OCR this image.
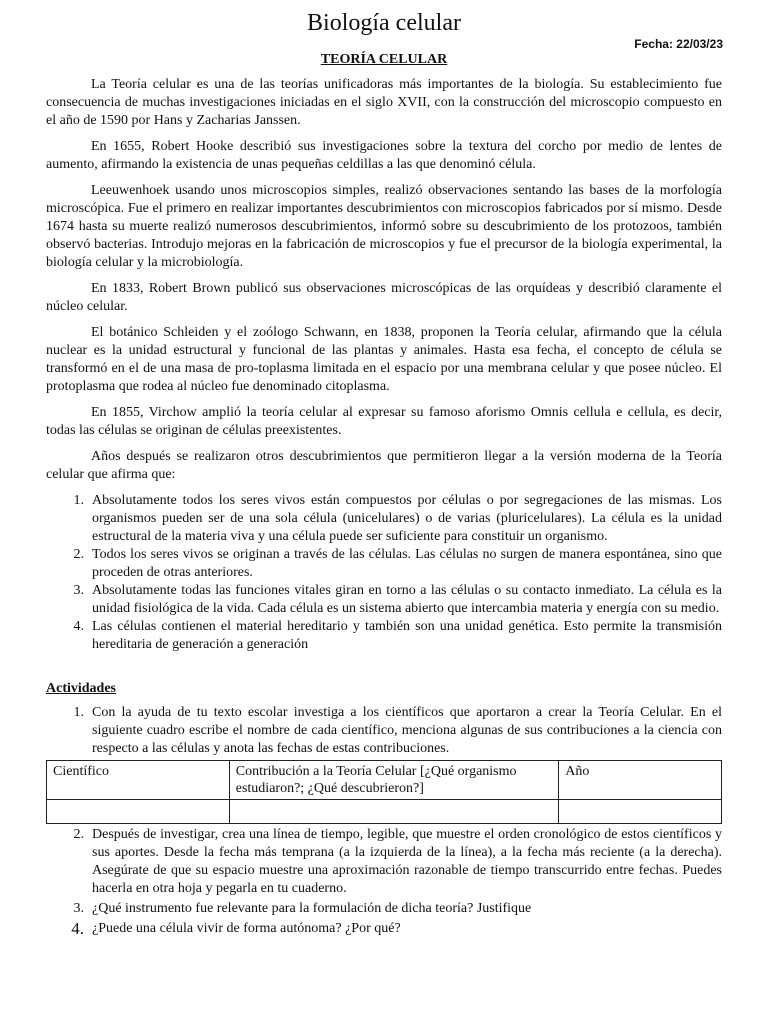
Biología celular
Fecha: 22/03/23
TEORÍA CELULAR

La Teoría celular es una de las teorías unificadoras más importantes de la biología. Su establecimiento fue consecuencia de muchas investigaciones iniciadas en el siglo XVII, con la construcción del microscopio compuesto en el año de 1590 por Hans y Zacharias Janssen.

En 1655, Robert Hooke describió sus investigaciones sobre la textura del corcho por medio de lentes de aumento, afirmando la existencia de unas pequeñas celdillas a las que denominó célula.

Leeuwenhoek usando unos microscopios simples, realizó observaciones sentando las bases de la morfología microscópica. Fue el primero en realizar importantes descubrimientos con microscopios fabricados por sí mismo. Desde 1674 hasta su muerte realizó numerosos descubrimientos, informó sobre su descubrimiento de los protozoos, también observó bacterias. Introdujo mejoras en la fabricación de microscopios y fue el precursor de la biología experimental, la biología celular y la microbiología.

En 1833, Robert Brown publicó sus observaciones microscópicas de las orquídeas y describió claramente el núcleo celular.

El botánico Schleiden y el zoólogo Schwann, en 1838, proponen la Teoría celular, afirmando que la célula nuclear es la unidad estructural y funcional de las plantas y animales. Hasta esa fecha, el concepto de célula se transformó en el de una masa de pro-toplasma limitada en el espacio por una membrana celular y que posee núcleo. El protoplasma que rodea al núcleo fue denominado citoplasma.

En 1855, Virchow amplió la teoría celular al expresar su famoso aforismo Omnis cellula e cellula, es decir, todas las células se originan de células preexistentes.

Años después se realizaron otros descubrimientos que permitieron llegar a la versión moderna de la Teoría celular que afirma que:

1. Absolutamente todos los seres vivos están compuestos por células o por segregaciones de las mismas. Los organismos pueden ser de una sola célula (unicelulares) o de varias (pluricelulares). La célula es la unidad estructural de la materia viva y una célula puede ser suficiente para constituir un organismo.
2. Todos los seres vivos se originan a través de las células. Las células no surgen de manera espontánea, sino que proceden de otras anteriores.
3. Absolutamente todas las funciones vitales giran en torno a las células o su contacto inmediato. La célula es la unidad fisiológica de la vida. Cada célula es un sistema abierto que intercambia materia y energía con su medio.
4. Las células contienen el material hereditario y también son una unidad genética. Esto permite la transmisión hereditaria de generación a generación
Actividades
1. Con la ayuda de tu texto escolar investiga a los científicos que aportaron a crear la Teoría Celular. En el siguiente cuadro escribe el nombre de cada científico, menciona algunas de sus contribuciones a la ciencia con respecto a las células y anota las fechas de estas contribuciones.
Científico	Contribución a la Teoría Celular [¿Qué organismo estudiaron?; ¿Qué descubrieron?]	Año

2. Después de investigar, crea una línea de tiempo, legible, que muestre el orden cronológico de estos científicos y sus aportes. Desde la fecha más temprana (a la izquierda de la línea), a la fecha más reciente (a la derecha). Asegúrate de que su espacio muestre una aproximación razonable de tiempo transcurrido entre fechas. Puedes hacerla en otra hoja y pegarla en tu cuaderno.
3. ¿Qué instrumento fue relevante para la formulación de dicha teoría? Justifique
4. ¿Puede una célula vivir de forma autónoma? ¿Por qué?
